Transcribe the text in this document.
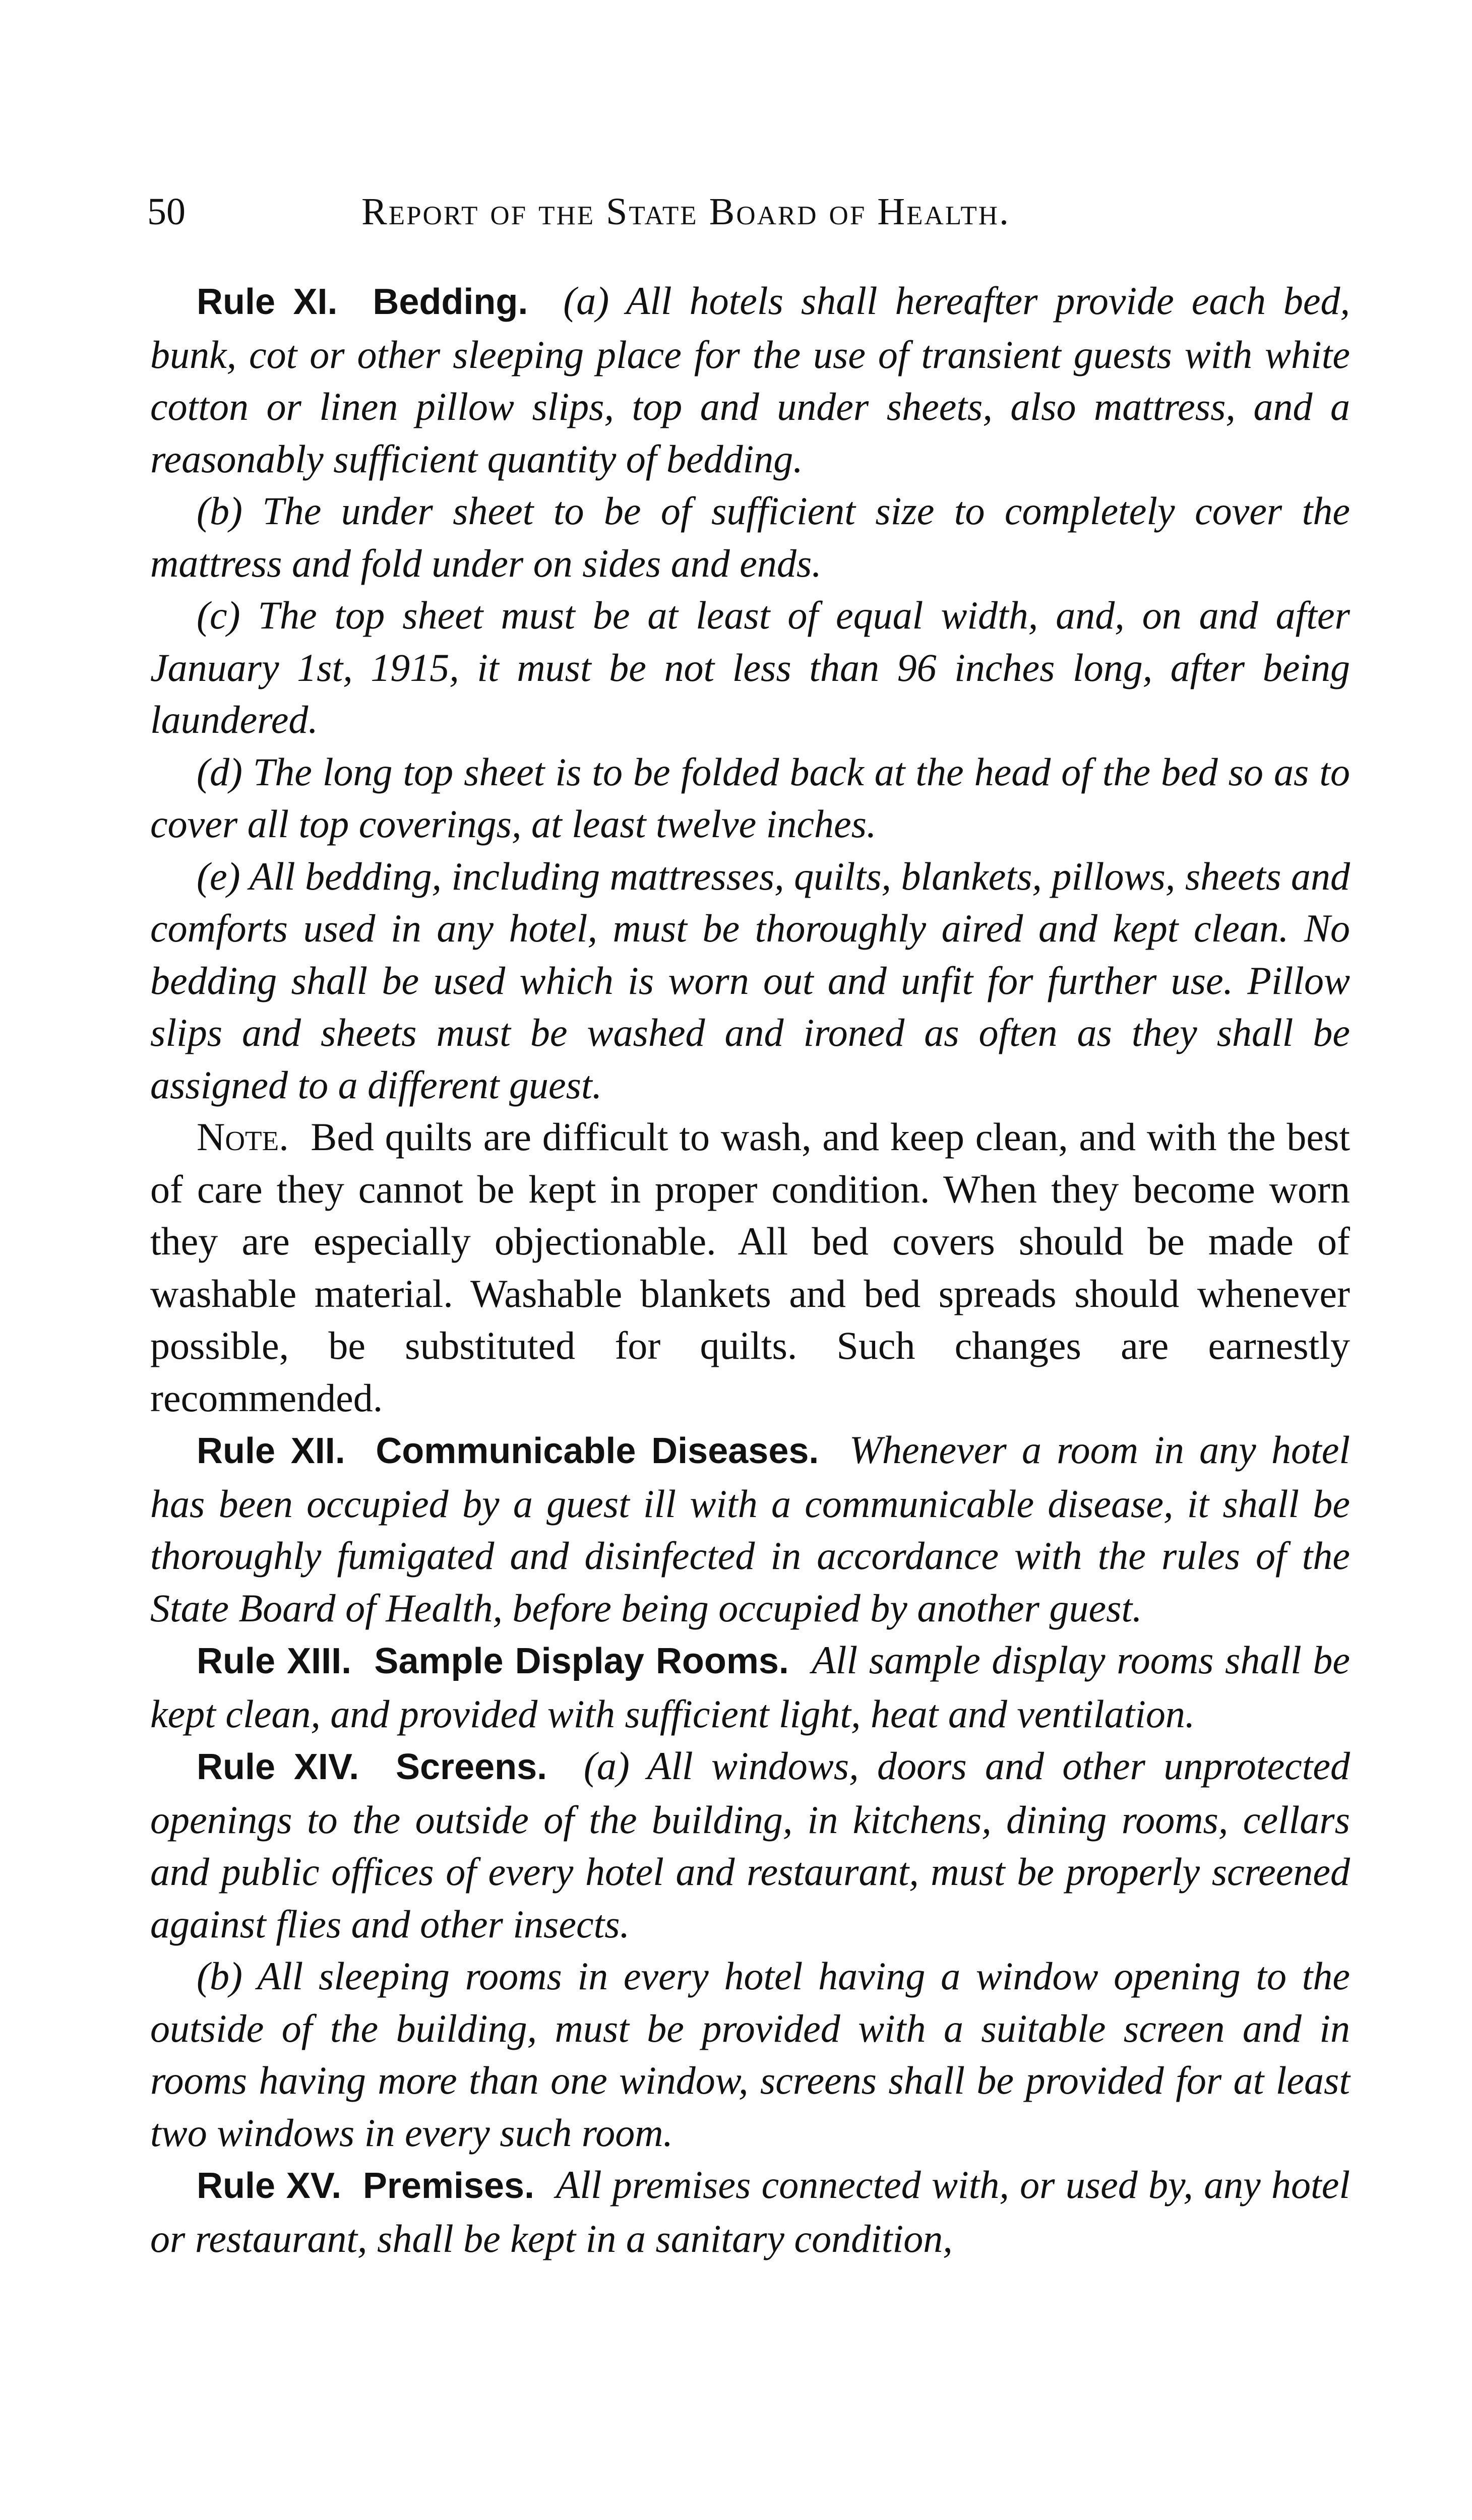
50	Report of the State Board of Health.

Rule XI. Bedding. (a) All hotels shall hereafter provide each bed, bunk, cot or other sleeping place for the use of transient guests with white cotton or linen pillow slips, top and under sheets, also mattress, and a reasonably sufficient quantity of bedding.

(b) The under sheet to be of sufficient size to completely cover the mattress and fold under on sides and ends.

(c) The top sheet must be at least of equal width, and, on and after January 1st, 1915, it must be not less than 96 inches long, after being laundered.

(d) The long top sheet is to be folded back at the head of the bed so as to cover all top coverings, at least twelve inches.

(e) All bedding, including mattresses, quilts, blankets, pillows, sheets and comforts used in any hotel, must be thoroughly aired and kept clean. No bedding shall be used which is worn out and unfit for further use. Pillow slips and sheets must be washed and ironed as often as they shall be assigned to a different guest.

Note. Bed quilts are difficult to wash, and keep clean, and with the best of care they cannot be kept in proper condition. When they become worn they are especially objectionable. All bed covers should be made of washable material. Washable blankets and bed spreads should whenever possible, be substituted for quilts. Such changes are earnestly recommended.

Rule XII. Communicable Diseases. Whenever a room in any hotel has been occupied by a guest ill with a communicable disease, it shall be thoroughly fumigated and disinfected in accordance with the rules of the State Board of Health, before being occupied by another guest.

Rule XIII. Sample Display Rooms. All sample display rooms shall be kept clean, and provided with sufficient light, heat and ventilation.

Rule XIV. Screens. (a) All windows, doors and other unprotected openings to the outside of the building, in kitchens, dining rooms, cellars and public offices of every hotel and restaurant, must be properly screened against flies and other insects.

(b) All sleeping rooms in every hotel having a window opening to the outside of the building, must be provided with a suitable screen and in rooms having more than one window, screens shall be provided for at least two windows in every such room.

Rule XV. Premises. All premises connected with, or used by, any hotel or restaurant, shall be kept in a sanitary condition,
